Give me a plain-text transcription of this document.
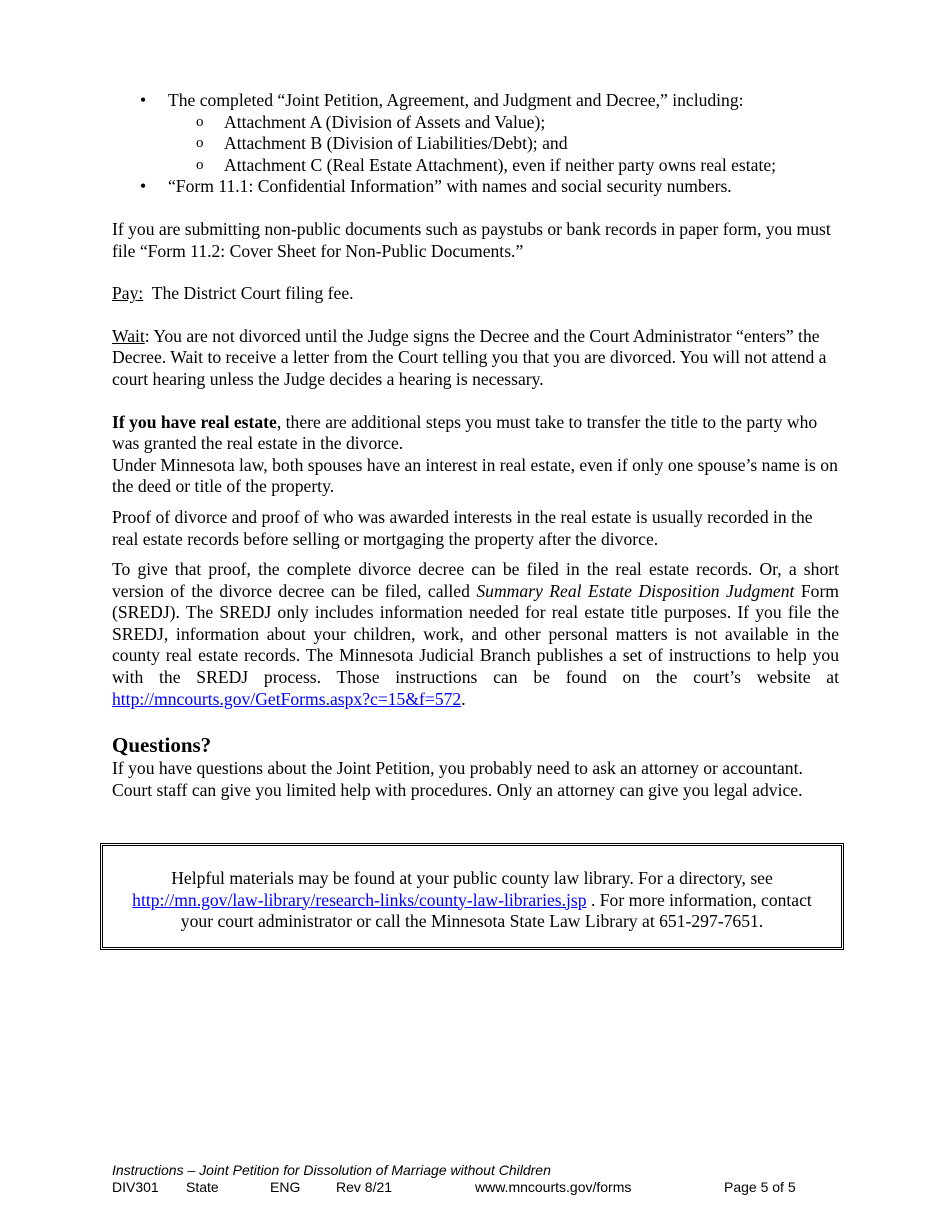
• The completed “Joint Petition, Agreement, and Judgment and Decree,” including:
o Attachment A (Division of Assets and Value);
o Attachment B (Division of Liabilities/Debt); and
o Attachment C (Real Estate Attachment), even if neither party owns real estate;
• “Form 11.1: Confidential Information” with names and social security numbers.

If you are submitting non-public documents such as paystubs or bank records in paper form, you must file “Form 11.2: Cover Sheet for Non-Public Documents.”

Pay: The District Court filing fee.

Wait: You are not divorced until the Judge signs the Decree and the Court Administrator “enters” the Decree. Wait to receive a letter from the Court telling you that you are divorced. You will not attend a court hearing unless the Judge decides a hearing is necessary.

If you have real estate, there are additional steps you must take to transfer the title to the party who was granted the real estate in the divorce.

Under Minnesota law, both spouses have an interest in real estate, even if only one spouse’s name is on the deed or title of the property.

Proof of divorce and proof of who was awarded interests in the real estate is usually recorded in the real estate records before selling or mortgaging the property after the divorce.

To give that proof, the complete divorce decree can be filed in the real estate records. Or, a short version of the divorce decree can be filed, called Summary Real Estate Disposition Judgment Form (SREDJ). The SREDJ only includes information needed for real estate title purposes. If you file the SREDJ, information about your children, work, and other personal matters is not available in the county real estate records. The Minnesota Judicial Branch publishes a set of instructions to help you with the SREDJ process. Those instructions can be found on the court’s website at http://mncourts.gov/GetForms.aspx?c=15&f=572.

Questions?

If you have questions about the Joint Petition, you probably need to ask an attorney or accountant. Court staff can give you limited help with procedures. Only an attorney can give you legal advice.

Helpful materials may be found at your public county law library. For a directory, see
http://mn.gov/law-library/research-links/county-law-libraries.jsp . For more information, contact
your court administrator or call the Minnesota State Law Library at 651-297-7651.
Instructions – Joint Petition for Dissolution of Marriage without Children
DIV301 State	ENG	Rev 8/21	www.mncourts.gov/forms	Page 5 of 5
